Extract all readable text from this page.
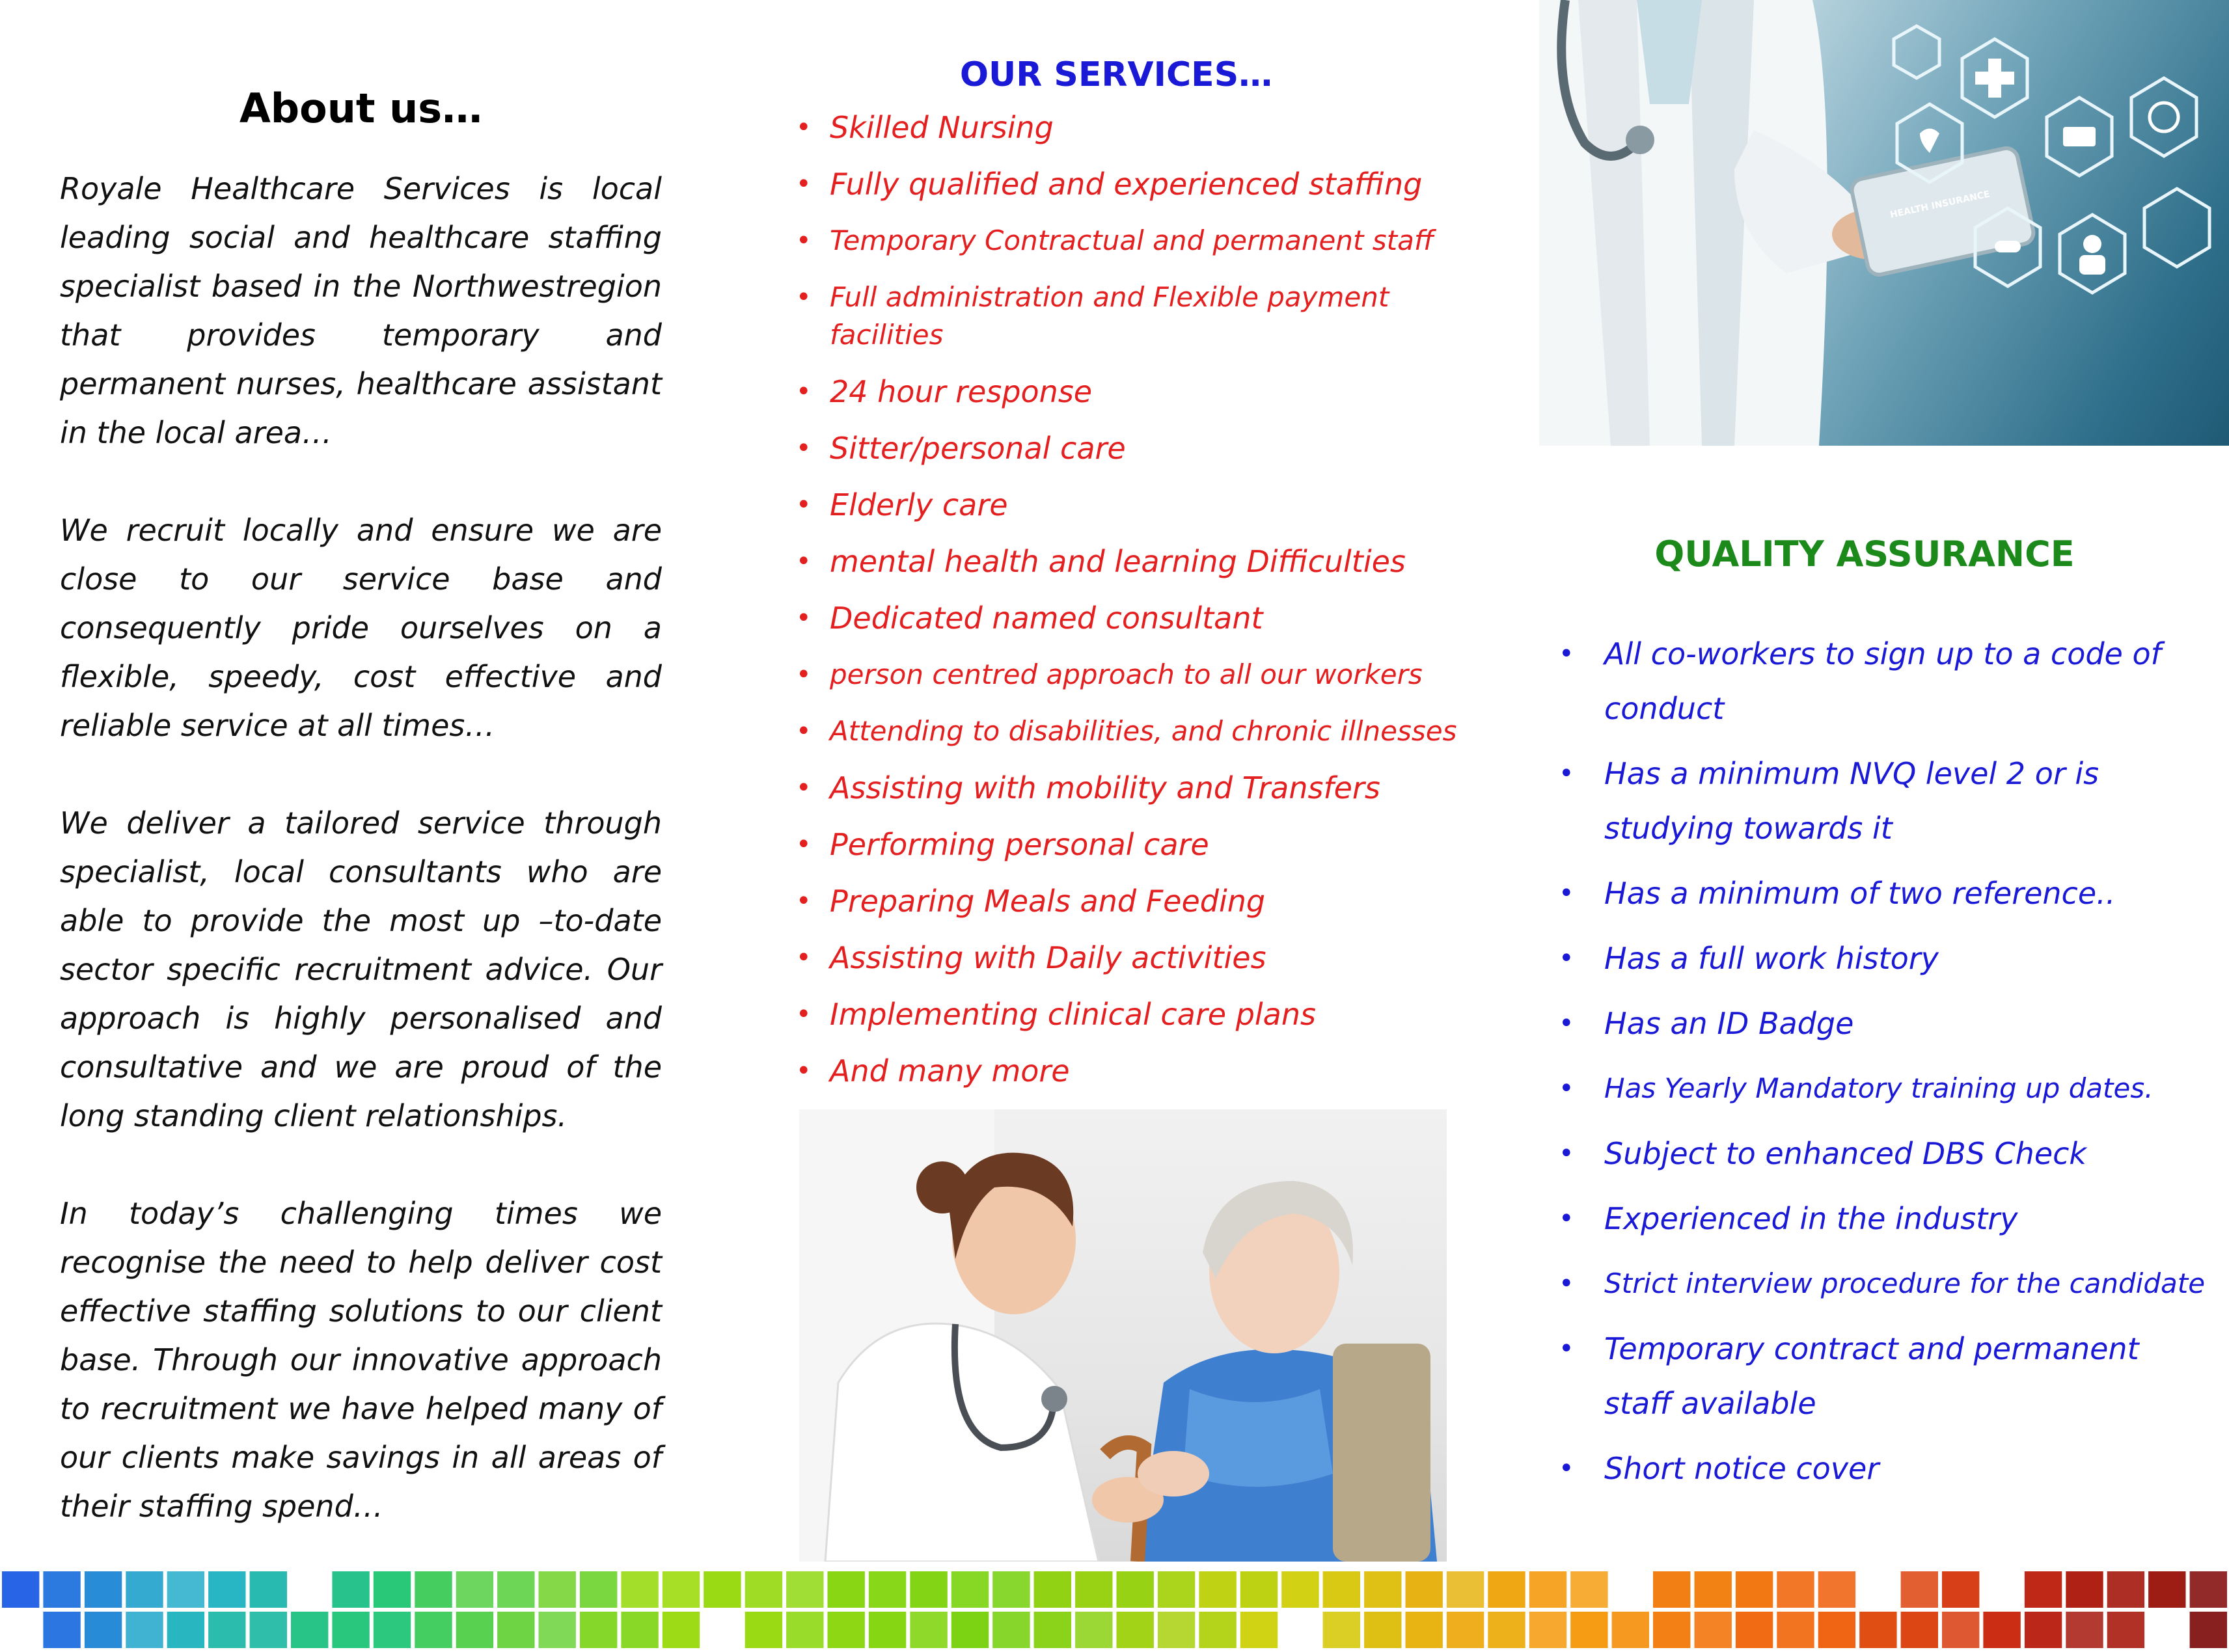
About us…

Royale Healthcare Services is local leading social and healthcare staffing specialist based in the Northwestregion that provides temporary and permanent nurses, healthcare assistant in the local area…

We recruit locally and ensure we are close to our service base and consequently pride ourselves on a flexible, speedy, cost effective and reliable service at all times…

We deliver a tailored service through specialist, local consultants who are able to provide the most up –to-date sector specific recruitment advice. Our approach is highly personalised and consultative and we are proud of the long standing client relationships.

In today’s challenging times we recognise the need to help deliver cost effective staffing solutions to our client base. Through our innovative approach to recruitment we have helped many of our clients make savings in all areas of their staffing spend…

OUR SERVICES…
• Skilled Nursing
• Fully qualified and experienced staffing
• Temporary Contractual and permanent staff
• Full administration and Flexible payment facilities
• 24 hour response
• Sitter/personal care
• Elderly care
• mental health and learning Difficulties
• Dedicated named consultant
• person centred approach to all our workers
• Attending to disabilities, and chronic illnesses
• Assisting with mobility and Transfers
• Performing personal care
• Preparing Meals and Feeding
• Assisting with Daily activities
• Implementing clinical care plans
• And many more
HEALTH INSURANCE
QUALITY ASSURANCE
• All co-workers to sign up to a code of conduct
• Has a minimum NVQ level 2 or is studying towards it
• Has a minimum of two reference..
• Has a full work history
• Has an ID Badge
• Has Yearly Mandatory training up dates.
• Subject to enhanced DBS Check
• Experienced in the industry
• Strict interview procedure for the candidate
• Temporary contract and permanent staff available
• Short notice cover
